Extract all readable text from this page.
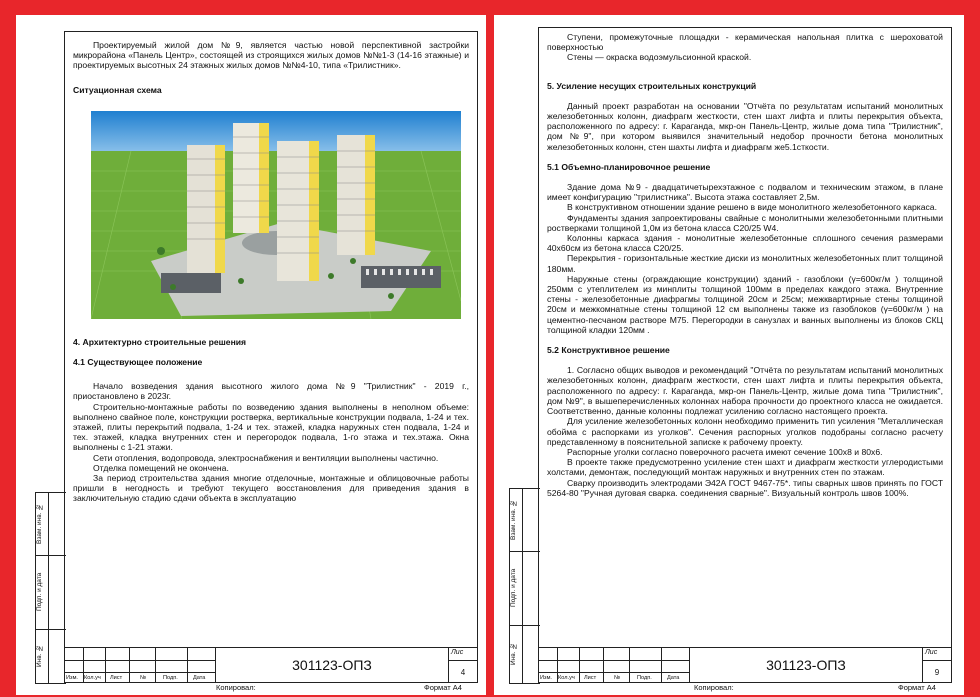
Проектируемый жилой дом №9, является частью новой перспективной застройки микрорайона «Панель Центр», состоящей из строящихся жилых домов №№1-3 (14-16 этажные) и проектируемых высотных 24 этажных жилых домов №№4-10, типа «Трилистник».

Ситуационная схема

4. Архитектурно строительные решения

4.1 Существующее положение

Начало возведения здания высотного жилого дома №9 "Трилистник" - 2019 г., приостановлено в 2023г.

Строительно-монтажные работы по возведению здания выполнены в неполном объеме: выполнено свайное поле, конструкции ростверка, вертикальные конструкции подвала, 1-24 и тех. этажей, плиты перекрытий подвала, 1-24 и тех. этажей, кладка наружных стен подвала, 1-24 и тех. этажей, кладка внутренних стен и перегородок подвала, 1-го этажа и тех.этажа. Окна выполнены с 1-21 этажи.

Сети отопления, водопровода, электроснабжения и вентиляции выполнены частично.

Отделка помещений не окончена.

За период строительства здания многие отделочные, монтажные и облицовочные работы пришли в негодность и требуют текущего восстановления для приведения здания в заключительную стадию сдачи объекта в эксплуатацию

Взам. инв. №
Подп. и дата
Инв. №
Изм. Кол.уч Лист	№	Подп.	Дата
301123-ОПЗ
Лис
4
Копировал:	Формат А4

Ступени, промежуточные площадки - керамическая напольная плитка с шероховатой поверхностью

Стены — окраска водоэмульсионной краской.

5. Усиление несущих строительных конструкций

Данный проект разработан на основании "Отчёта по результатам испытаний монолитных железобетонных колонн, диафрагм жесткости, стен шахт лифта и плиты перекрытия объекта, расположенного по адресу: г. Караганда, мкр-он Панель-Центр, жилые дома типа "Трилистник", дом №9", при котором выявился значительный недобор прочности бетона монолитных железобетонных колонн, стен шахты лифта и диафрагм же5.1сткости.

5.1 Объемно-планировочное решение

Здание дома №9 - двадцатичетырехэтажное с подвалом и техническим этажом, в плане имеет конфигурацию "трилистника". Высота этажа составляет 2,5м.

В конструктивном отношении здание решено в виде монолитного железобетонного каркаса.

Фундаменты здания запроектированы свайные с монолитными железобетонными плитными ростверками толщиной 1,0м из бетона класса С20/25 W4.

Колонны каркаса здания - монолитные железобетонные сплошного сечения размерами 40х60см из бетона класса С20/25.

Перекрытия - горизонтальные жесткие диски из монолитных железобетонных плит толщиной 180мм.

Наружные стены (ограждающие конструкции) зданий - газоблоки (γ=600кг/м ) толщиной 250мм с утеплителем из минплиты толщиной 100мм в пределах каждого этажа. Внутренние стены - железобетонные диафрагмы толщиной 20см и 25см; межквартирные стены толщиной 20см и межкомнатные стены толщиной 12 см выполнены также из газоблоков (γ=600кг/м ) на цементно-песчаном растворе М75. Перегородки в санузлах и ванных выполнены из блоков СКЦ толщиной кладки 120мм .

5.2 Конструктивное решение

1. Согласно общих выводов и рекомендаций "Отчёта по результатам испытаний монолитных железобетонных колонн, диафрагм жесткости, стен шахт лифта и плиты перекрытия объекта, расположенного по адресу: г. Караганда, мкр-он Панель-Центр, жилые дома типа "Трилистник", дом №9", в вышеперечисленных колоннах набора прочности до проектного класса не ожидается. Соответственно, данные колонны подлежат усилению согласно настоящего проекта.

Для усиление железобетонных колонн необходимо применить тип усиления "Металлическая обойма с распорками из уголков". Сечения распорных уголков подобраны согласно расчету представленному в пояснительной записке к рабочему проекту.

Распорные уголки согласно поверочного расчета имеют сечение 100х8 и 80х6.

В проекте также предусмотренно усиление стен шахт и диафрагм жесткости углеродистыми холстами, демонтаж, последующий монтаж наружных и внутренних стен по этажам.

Сварку производить электродами Э42А ГОСТ 9467-75*. типы сварных швов принять по ГОСТ 5264-80 "Ручная дуговая сварка. соединения сварные". Визуальный контроль швов 100%.

Взам. инв. №
Подп. и дата
Инв. №
Изм. Кол.уч Лист	№	Подп.	Дата
301123-ОПЗ
Лис
9
Копировал:	Формат А4
